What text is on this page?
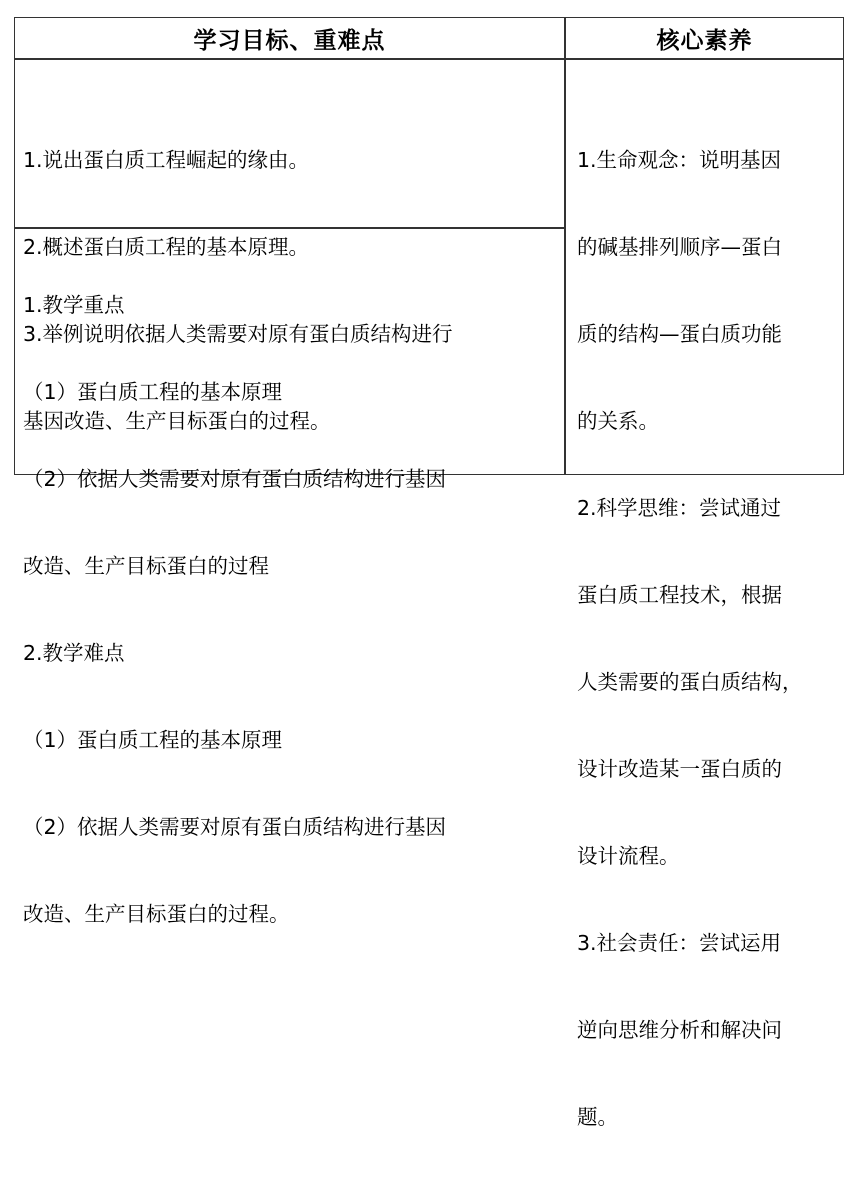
学习目标、重难点	核心素养

1.说出蛋白质工程崛起的缘由。

2.概述蛋白质工程的基本原理。

3.举例说明依据人类需要对原有蛋白质结构进行

基因改造、生产目标蛋白的过程。

1.教学重点

（1）蛋白质工程的基本原理

（2）依据人类需要对原有蛋白质结构进行基因

改造、生产目标蛋白的过程

2.教学难点

（1）蛋白质工程的基本原理

（2）依据人类需要对原有蛋白质结构进行基因

改造、生产目标蛋白的过程。

1.生命观念：说明基因

的碱基排列顺序—蛋白

质的结构—蛋白质功能

的关系。

2.科学思维：尝试通过

蛋白质工程技术，根据

人类需要的蛋白质结构，

设计改造某一蛋白质的

设计流程。

3.社会责任：尝试运用

逆向思维分析和解决问

题。
